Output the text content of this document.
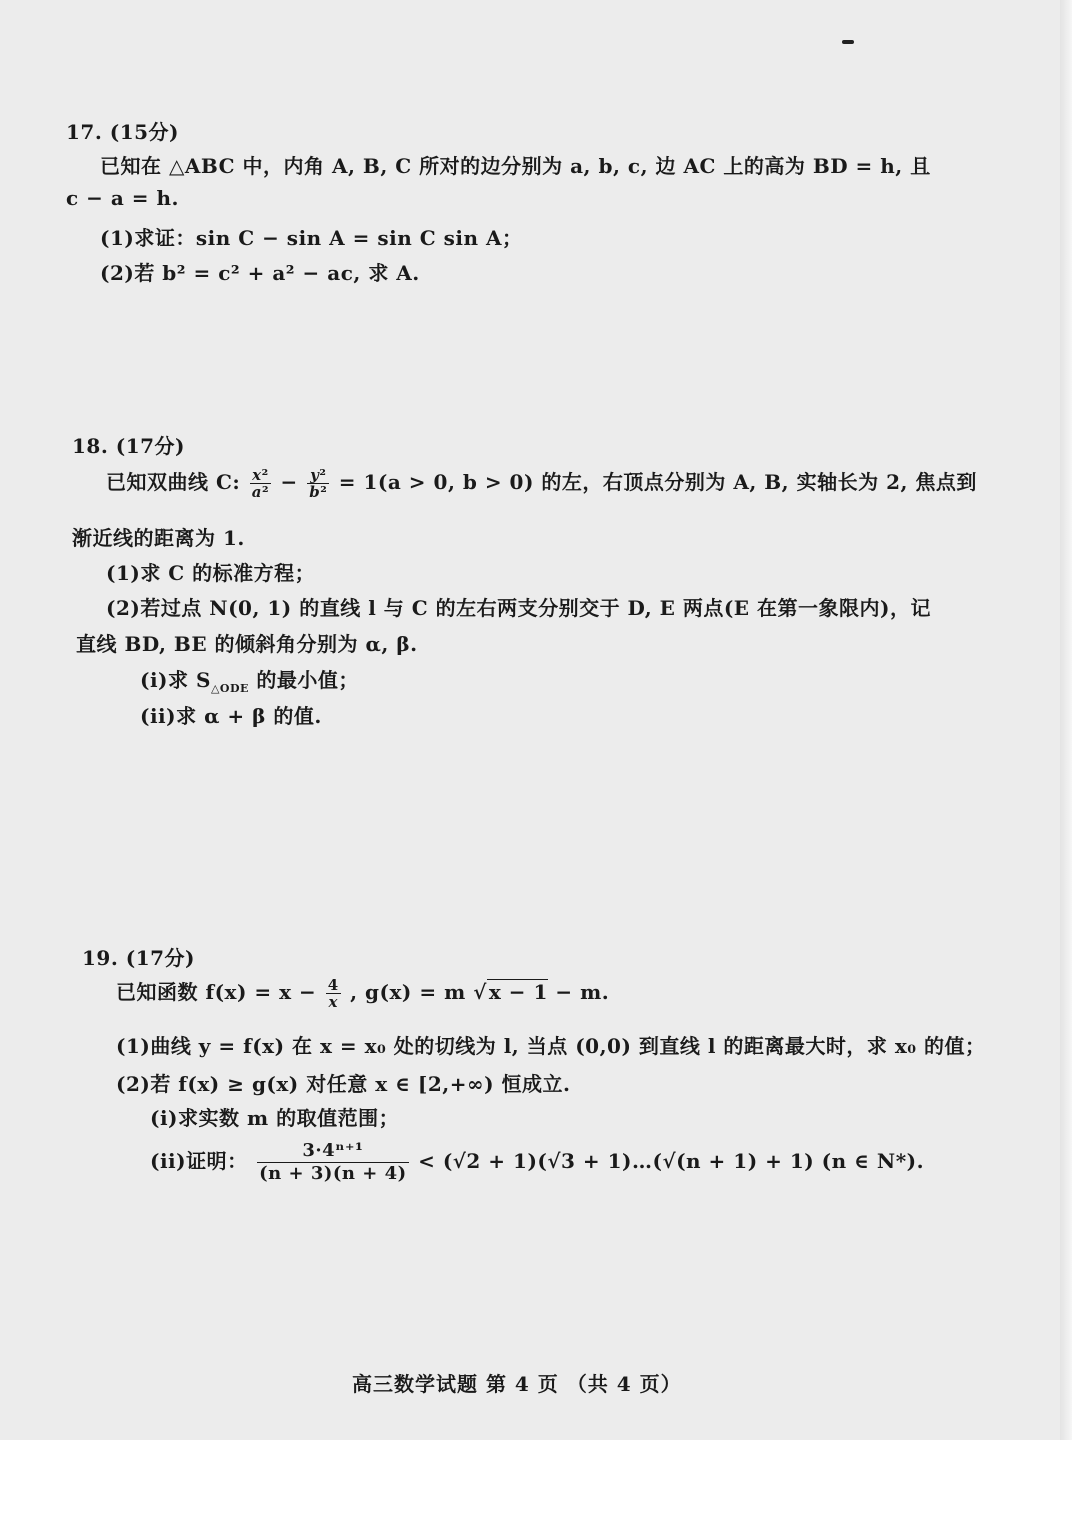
17. (15分)
已知在 △ABC 中，内角 A, B, C 所对的边分别为 a, b, c, 边 AC 上的高为 BD = h, 且
c − a = h.
(1)求证：sin C − sin A = sin C sin A；
(2)若 b² = c² + a² − ac, 求 A.
18. (17分)
已知双曲线 C: $\frac{\text{x²}}{\text{a²}} - \frac{\text{y²}}{\text{b²}} = 1(a > 0$, b > 0) 的左，右顶点分别为 A, B, 实轴长为 2, 焦点到
渐近线的距离为 1.
(1)求 C 的标准方程；
(2)若过点 N(0, 1) 的直线 l 与 C 的左右两支分别交于 D, E 两点(E 在第一象限内)，记
直线 BD, BE 的倾斜角分别为 α, β.
(i)求 $S_{\triangle ODE}$ 的最小值；
(ii)求 α + β 的值.
19. (17分)
已知函数 $f(x) = x - \frac{4}{x}$ , g(x) = m √ x − 1 − m.
(1)曲线 y = f(x) 在 x = x₀ 处的切线为 l, 当点 (0,0) 到直线 l 的距离最大时，求 x₀ 的值；
(2)若 f(x) ≥ g(x) 对任意 x ∈ [2,+∞) 恒成立.
(i)求实数 m 的取值范围；
(ii)证明： $\frac{\text{3·4ⁿ⁺¹}}{(n + 3)(n + 4)} < (√2 + 1)(√3$ + 1)…(√(n + 1) + 1) (n ∈ N*).
高三数学试题 第 4 页 （共 4 页）
